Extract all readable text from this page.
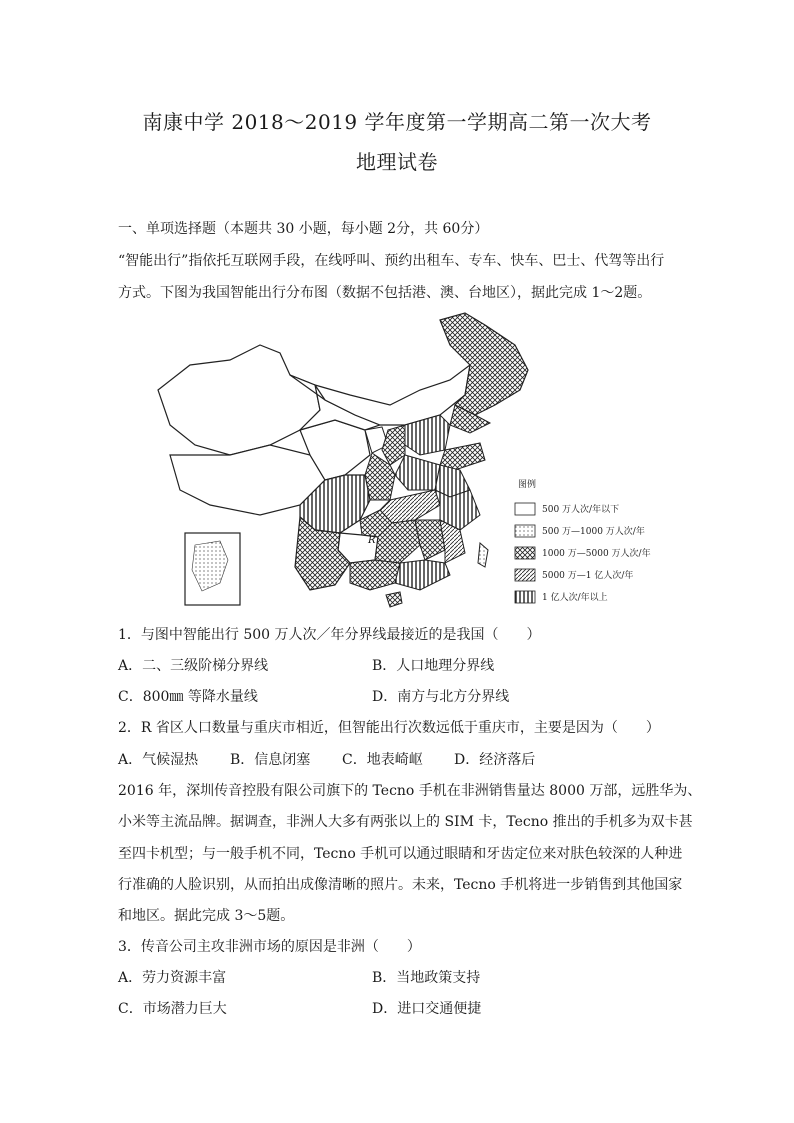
南康中学 2018～2019 学年度第一学期高二第一次大考
地理试卷
一、单项选择题（本题共 30 小题，每小题 2分，共 60分）
“智能出行”指依托互联网手段，在线呼叫、预约出租车、专车、快车、巴士、代驾等出行
方式。下图为我国智能出行分布图（数据不包括港、澳、台地区），据此完成 1～2题。
R
图例
500 万人次/年以下
500 万—1000 万人次/年
1000 万—5000 万人次/年
5000 万—1 亿人次/年
1 亿人次/年以上
1．与图中智能出行 500 万人次／年分界线最接近的是我国（　　）
A．二、三级阶梯分界线	B．人口地理分界线
C．800㎜ 等降水量线	D．南方与北方分界线
2．R 省区人口数量与重庆市相近，但智能出行次数远低于重庆市，主要是因为（　　）
A．气候湿热 B．信息闭塞 C．地表崎岖 D．经济落后
2016 年，深圳传音控股有限公司旗下的 Tecno 手机在非洲销售量达 8000 万部，远胜华为、
小米等主流品牌。据调查，非洲人大多有两张以上的 SIM 卡，Tecno 推出的手机多为双卡甚
至四卡机型；与一般手机不同，Tecno 手机可以通过眼睛和牙齿定位来对肤色较深的人种进
行准确的人脸识别，从而拍出成像清晰的照片。未来，Tecno 手机将进一步销售到其他国家
和地区。据此完成 3～5题。
3．传音公司主攻非洲市场的原因是非洲（　　）
A．劳力资源丰富	B．当地政策支持
C．市场潜力巨大	D．进口交通便捷
